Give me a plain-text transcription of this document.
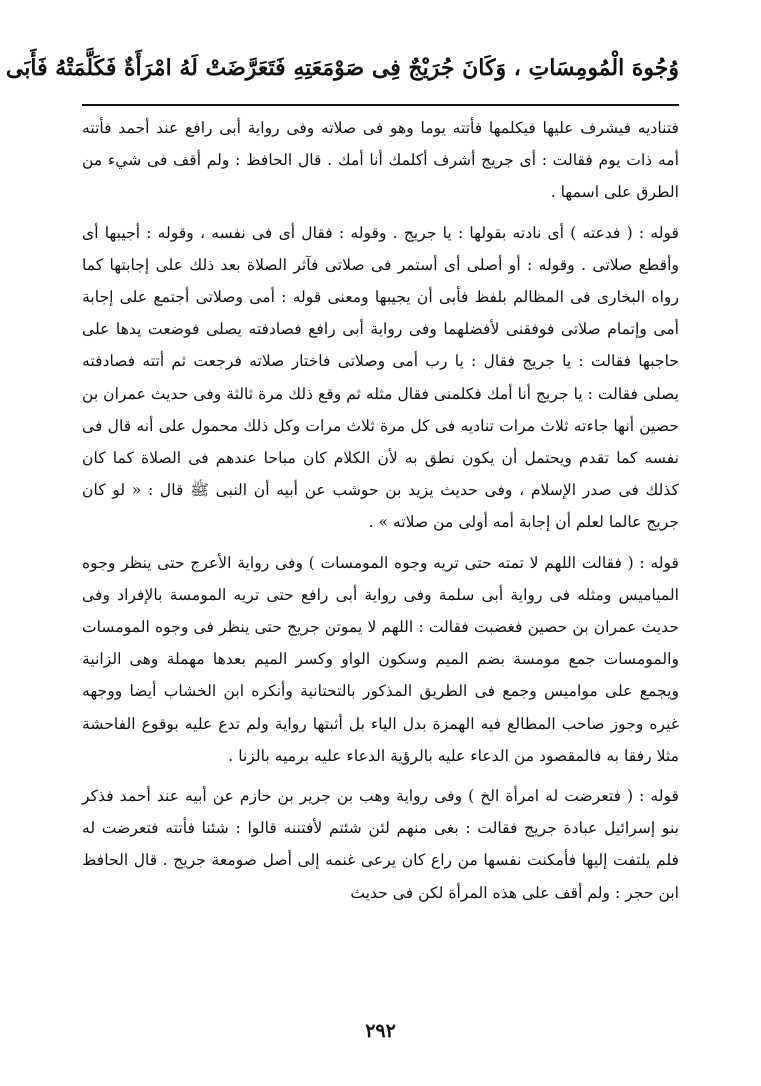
وُجُوهَ الْمُومِسَاتِ ، وَكَانَ جُرَيْجٌ فِى صَوْمَعَتِهِ فَتَعَرَّضَتْ لَهُ امْرَأَةٌ فَكَلَّمَتْهُ فَأَبَى

فتناديه فيشرف عليها فيكلمها فأتته يوما وهو فى صلاته وفى رواية أبى رافع عند أحمد فأتته أمه ذات يوم فقالت : أى جريج أشرف أكلمك أنا أمك . قال الحافظ : ولم أقف فى شيء من الطرق على اسمها .

قوله : ( فدعته ) أى نادته بقولها : يا جريج . وقوله : فقال أى فى نفسه ، وقوله : أجيبها أى وأقطع صلاتى . وقوله : أو أصلى أى أستمر فى صلاتى فآثر الصلاة بعد ذلك على إجابتها كما رواه البخارى فى المظالم بلفظ فأبى أن يجيبها ومعنى قوله : أمى وصلاتى أجتمع على إجابة أمى وإتمام صلاتى فوفقنى لأفضلهما وفى رواية أبى رافع فصادفته يصلى فوضعت يدها على حاجبها فقالت : يا جريج فقال : يا رب أمى وصلاتى فاختار صلاته فرجعت ثم أتته فصادفته يصلى فقالت : يا جريج أنا أمك فكلمنى فقال مثله ثم وقع ذلك مرة ثالثة وفى حديث عمران بن حصين أنها جاءته ثلاث مرات تناديه فى كل مرة ثلاث مرات وكل ذلك محمول على أنه قال فى نفسه كما تقدم ويحتمل أن يكون نطق به لأن الكلام كان مباحا عندهم فى الصلاة كما كان كذلك فى صدر الإسلام ، وفى حديث يزيد بن حوشب عن أبيه أن النبى ﷺ قال : « لو كان جريج عالما لعلم أن إجابة أمه أولى من صلاته » .

قوله : ( فقالت اللهم لا تمته حتى تريه وجوه المومسات ) وفى رواية الأعرج حتى ينظر وجوه المياميس ومثله فى رواية أبى سلمة وفى رواية أبى رافع حتى تريه المومسة بالإفراد وفى حديث عمران بن حصين فغضبت فقالت : اللهم لا يموتن جريج حتى ينظر فى وجوه المومسات والمومسات جمع مومسة بضم الميم وسكون الواو وكسر الميم بعدها مهملة وهى الزانية ويجمع على مواميس وجمع فى الطريق المذكور بالتحتانية وأنكره ابن الخشاب أيضا ووجهه غيره وجوز صاحب المطالع فيه الهمزة بدل الياء بل أثبتها رواية ولم تدع عليه بوقوع الفاحشة مثلا رفقا به فالمقصود من الدعاء عليه بالرؤية الدعاء عليه برميه بالزنا .

قوله : ( فتعرضت له امرأة الخ ) وفى رواية وهب بن جرير بن حازم عن أبيه عند أحمد فذكر بنو إسرائيل عبادة جريج فقالت : بغى منهم لئن شئتم لأفتننه قالوا : شئنا فأتته فتعرضت له فلم يلتفت إليها فأمكنت نفسها من راع كان يرعى غنمه إلى أصل صومعة جريج . قال الحافظ ابن حجر : ولم أقف على هذه المرأة لكن فى حديث

٢٩٢
